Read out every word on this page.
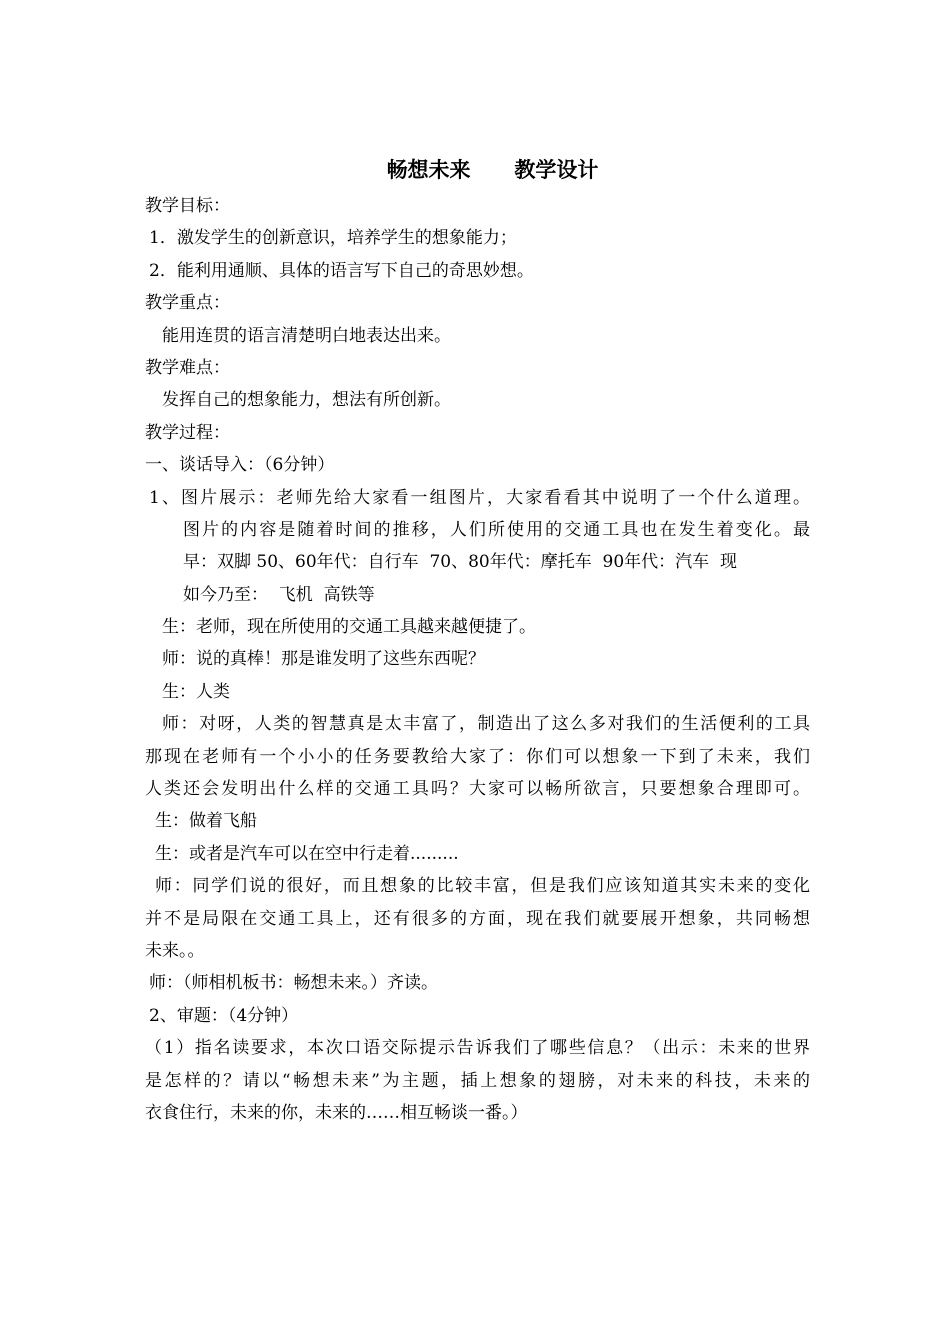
畅想未来      教学设计
教学目标：
1．激发学生的创新意识，培养学生的想象能力；
2．能利用通顺、具体的语言写下自己的奇思妙想。
教学重点：
能用连贯的语言清楚明白地表达出来。
教学难点：
发挥自己的想象能力，想法有所创新。
教学过程：
一、谈话导入：（6分钟）
1、图片展示：老师先给大家看一组图片，大家看看其中说明了一个什么道理。
图片的内容是随着时间的推移，人们所使用的交通工具也在发生着变化。最
早：双脚 50、60年代：自行车  70、80年代：摩托车  90年代：汽车  现
如今乃至：  飞机  高铁等
生：老师，现在所使用的交通工具越来越便捷了。
师：说的真棒！那是谁发明了这些东西呢？
生：人类
师：对呀，人类的智慧真是太丰富了，制造出了这么多对我们的生活便利的工具
那现在老师有一个小小的任务要教给大家了：你们可以想象一下到了未来，我们
人类还会发明出什么样的交通工具吗？大家可以畅所欲言，只要想象合理即可。
生：做着飞船
生：或者是汽车可以在空中行走着.........
师：同学们说的很好，而且想象的比较丰富，但是我们应该知道其实未来的变化
并不是局限在交通工具上，还有很多的方面，现在我们就要展开想象，共同畅想
未来。。
师：（师相机板书：畅想未来。）齐读。
2、审题：（4分钟）
（1）指名读要求，本次口语交际提示告诉我们了哪些信息？（出示：未来的世界
是怎样的？请以“畅想未来”为主题，插上想象的翅膀，对未来的科技，未来的
衣食住行，未来的你，未来的……相互畅谈一番。）
